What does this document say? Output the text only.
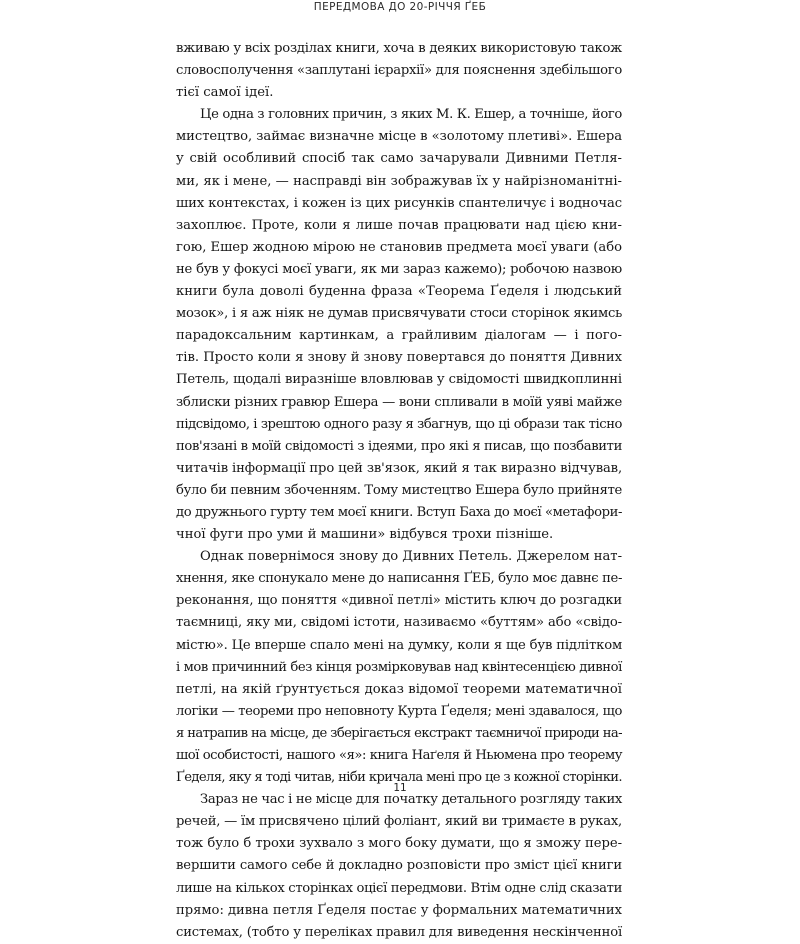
ПЕРЕДМОВА ДО 20-РІЧЧЯ ҐЕБ
вживаю у всіх розділах книги, хоча в деяких використовую також
словосполучення «заплутані ієрархії» для пояснення здебільшого
тієї самої ідеї.
Це одна з головних причин, з яких М. К. Ешер, а точніше, його
мистецтво, займає визначне місце в «золотому плетиві». Ешера
у свій особливий спосіб так само зачарували Дивними Петля-
ми, як і мене, — насправді він зображував їх у найрізноманітні-
ших контекстах, і кожен із цих рисунків спантеличує і водночас
захоплює. Проте, коли я лише почав працювати над цією кни-
гою, Ешер жодною мірою не становив предмета моєї уваги (або
не був у фокусі моєї уваги, як ми зараз кажемо); робочою назвою
книги була доволі буденна фраза «Теорема Ґеделя і людський
мозок», і я аж ніяк не думав присвячувати стоси сторінок якимсь
парадоксальним картинкам, а грайливим діалогам — і пого-
тів. Просто коли я знову й знову повертався до поняття Дивних
Петель, щодалі виразніше вловлював у свідомості швидкоплинні
зблиски різних гравюр Ешера — вони спливали в моїй уяві майже
підсвідомо, і зрештою одного разу я збагнув, що ці образи так тісно
пов'язані в моїй свідомості з ідеями, про які я писав, що позбавити
читачів інформації про цей зв'язок, який я так виразно відчував,
було би певним збоченням. Тому мистецтво Ешера було прийняте
до дружнього гурту тем моєї книги. Вступ Баха до моєї «метафори-
чної фуги про уми й машини» відбувся трохи пізніше.
Однак повернімося знову до Дивних Петель. Джерелом нат-
хнення, яке спонукало мене до написання ҐЕБ, було моє давнє пе-
реконання, що поняття «дивної петлі» містить ключ до розгадки
таємниці, яку ми, свідомі істоти, називаємо «буттям» або «свідо-
містю». Це вперше спало мені на думку, коли я ще був підлітком
і мов причинний без кінця розмірковував над квінтесенцією дивної
петлі, на якій ґрунтується доказ відомої теореми математичної
логіки — теореми про неповноту Курта Ґеделя; мені здавалося, що
я натрапив на місце, де зберігається екстракт таємничої природи на-
шої особистості, нашого «я»: книга Наґеля й Ньюмена про теорему
Ґеделя, яку я тоді читав, ніби кричала мені про це з кожної сторінки.
Зараз не час і не місце для початку детального розгляду таких
речей, — їм присвячено цілий фоліант, який ви тримаєте в руках,
тож було б трохи зухвало з мого боку думати, що я зможу пере-
вершити самого себе й докладно розповісти про зміст цієї книги
лише на кількох сторінках оцієї передмови. Втім одне слід сказати
прямо: дивна петля Ґеделя постає у формальних математичних
системах, (тобто у переліках правил для виведення нескінченної
11
